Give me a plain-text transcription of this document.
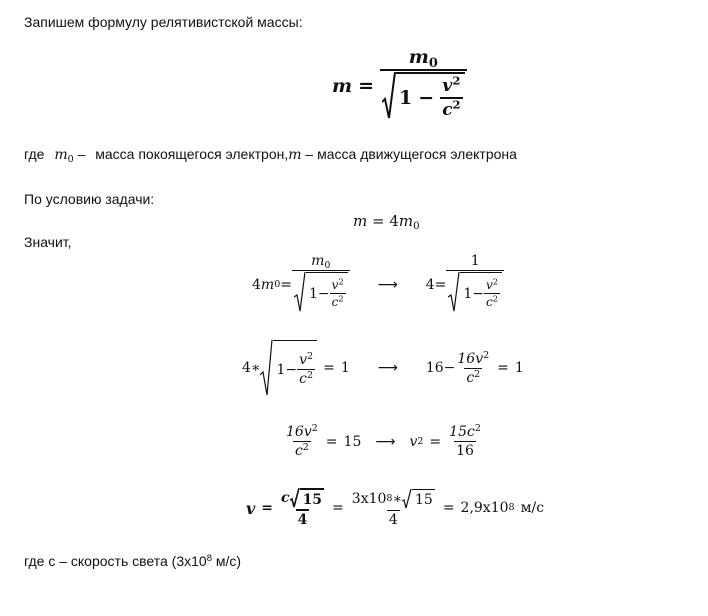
Запишем формулу релятивистской массы:
m =
$m_0$
$1 - \frac{v^2}{c^2}$
где $m_0$ – масса покоящегося электрон,m – масса движущегося электрона
По условию задачи:
$m = 4m_0$
Значит,
4 m 0 =
$m_0$
$1 - \frac{v^2}{c^2}$ ⟶ 4 =
1
$1 - \frac{v^2}{c^2}$
4 ∗ $1 - \frac{v^2}{c^2} = 1$ ⟶ $16 - \frac{16v^2}{c^2} = 1$
$\frac{16v^2}{c^2} = 15$ ⟶ v $2 = \frac{15c^2}{16}$
$v = \frac{c 15}{4} = \frac{3x10 8 ∗ 15}{4} = 2,9x10$ 8 м/с
где с – скорость света ($3x10^8$ м/с)
